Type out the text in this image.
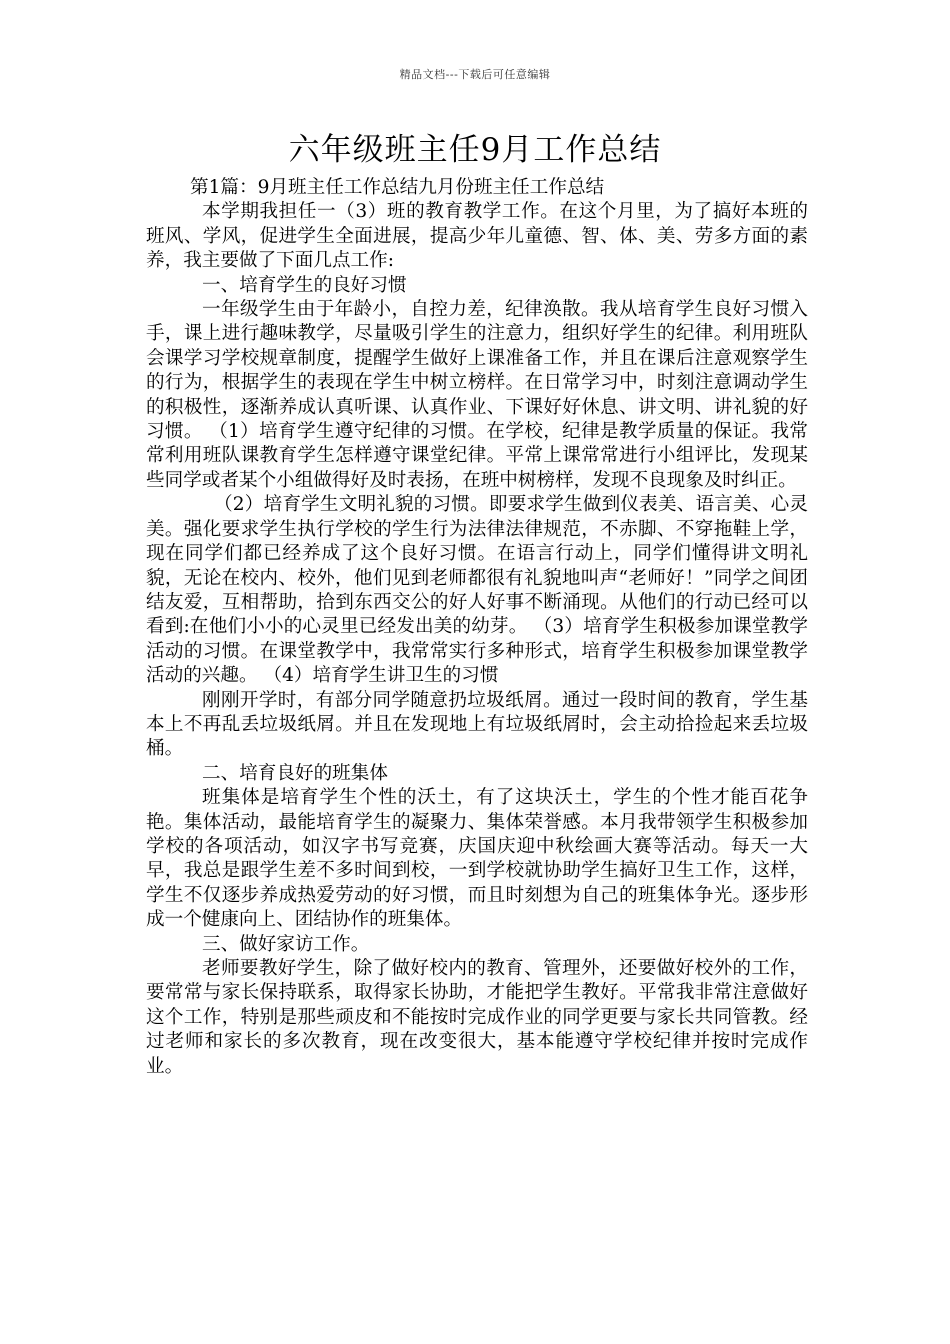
精品文档---下载后可任意编辑
六年级班主任9月工作总结

第1篇：9月班主任工作总结九月份班主任工作总结

本学期我担任一（3）班的教育教学工作。在这个月里，为了搞好本班的班风、学风，促进学生全面进展，提高少年儿童德、智、体、美、劳多方面的素养，我主要做了下面几点工作:

一、培育学生的良好习惯

一年级学生由于年龄小，自控力差，纪律涣散。我从培育学生良好习惯入手，课上进行趣味教学，尽量吸引学生的注意力，组织好学生的纪律。利用班队会课学习学校规章制度，提醒学生做好上课准备工作，并且在课后注意观察学生的行为，根据学生的表现在学生中树立榜样。在日常学习中，时刻注意调动学生的积极性，逐渐养成认真听课、认真作业、下课好好休息、讲文明、讲礼貌的好习惯。 （1）培育学生遵守纪律的习惯。在学校，纪律是教学质量的保证。我常常利用班队课教育学生怎样遵守课堂纪律。平常上课常常进行小组评比，发现某些同学或者某个小组做得好及时表扬，在班中树榜样，发现不良现象及时纠正。

（2）培育学生文明礼貌的习惯。即要求学生做到仪表美、语言美、心灵美。强化要求学生执行学校的学生行为法律法律规范，不赤脚、不穿拖鞋上学，现在同学们都已经养成了这个良好习惯。在语言行动上，同学们懂得讲文明礼貌，无论在校内、校外，他们见到老师都很有礼貌地叫声“老师好！”同学之间团结友爱，互相帮助，拾到东西交公的好人好事不断涌现。从他们的行动已经可以看到:在他们小小的心灵里已经发出美的幼芽。 （3）培育学生积极参加课堂教学活动的习惯。在课堂教学中，我常常实行多种形式，培育学生积极参加课堂教学活动的兴趣。 （4）培育学生讲卫生的习惯

刚刚开学时，有部分同学随意扔垃圾纸屑。通过一段时间的教育，学生基本上不再乱丢垃圾纸屑。并且在发现地上有垃圾纸屑时，会主动拾捡起来丢垃圾桶。

二、培育良好的班集体

班集体是培育学生个性的沃土，有了这块沃土，学生的个性才能百花争艳。集体活动，最能培育学生的凝聚力、集体荣誉感。本月我带领学生积极参加学校的各项活动，如汉字书写竞赛，庆国庆迎中秋绘画大赛等活动。每天一大早，我总是跟学生差不多时间到校，一到学校就协助学生搞好卫生工作，这样，学生不仅逐步养成热爱劳动的好习惯，而且时刻想为自己的班集体争光。逐步形成一个健康向上、团结协作的班集体。

三、做好家访工作。

老师要教好学生，除了做好校内的教育、管理外，还要做好校外的工作，要常常与家长保持联系，取得家长协助，才能把学生教好。平常我非常注意做好这个工作，特别是那些顽皮和不能按时完成作业的同学更要与家长共同管教。经过老师和家长的多次教育，现在改变很大，基本能遵守学校纪律并按时完成作业。
